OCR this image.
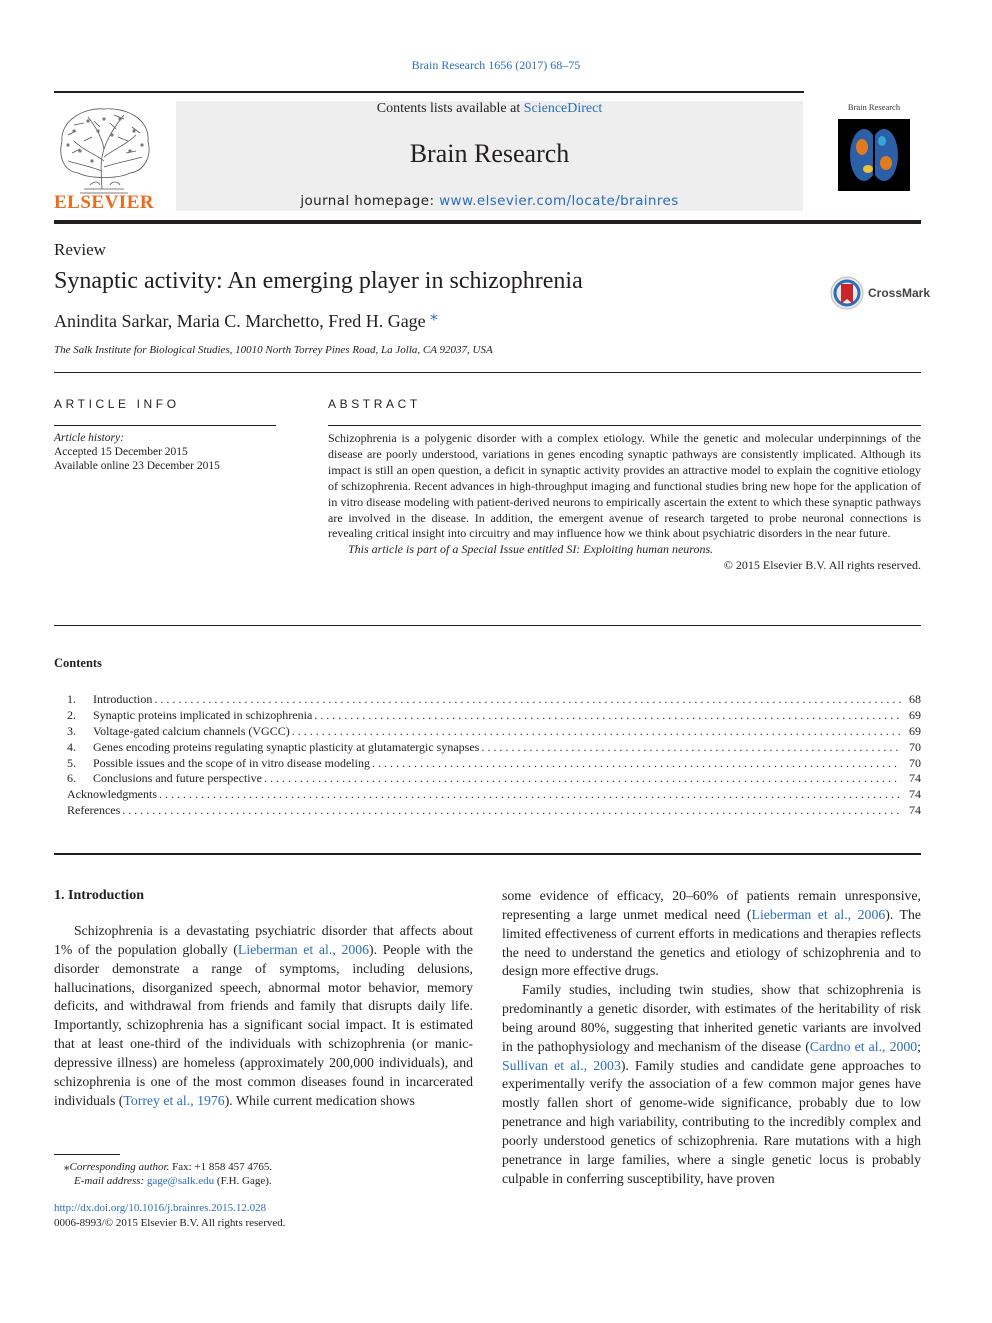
Brain Research 1656 (2017) 68–75
ELSEVIER
Contents lists available at ScienceDirect
Brain Research
journal homepage: www.elsevier.com/locate/brainres
Brain Research
Review
Synaptic activity: An emerging player in schizophrenia	CrossMark
Anindita Sarkar, Maria C. Marchetto, Fred H. Gage ⁎
The Salk Institute for Biological Studies, 10010 North Torrey Pines Road, La Jolla, CA 92037, USA
ARTICLE INFO
Article history:
Accepted 15 December 2015
Available online 23 December 2015
ABSTRACT

Schizophrenia is a polygenic disorder with a complex etiology. While the genetic and molecular underpinnings of the disease are poorly understood, variations in genes encoding synaptic pathways are consistently implicated. Although its impact is still an open question, a deficit in synaptic activity provides an attractive model to explain the cognitive etiology of schizophrenia. Recent advances in high-throughput imaging and functional studies bring new hope for the application of in vitro disease modeling with patient-derived neurons to empirically ascertain the extent to which these synaptic pathways are involved in the disease. In addition, the emergent avenue of research targeted to probe neuronal connections is revealing critical insight into circuitry and may influence how we think about psychiatric disorders in the near future.

This article is part of a Special Issue entitled SI: Exploiting human neurons.

© 2015 Elsevier B.V. All rights reserved.

Contents
1.	Introduction . . .	68
2.	Synaptic proteins implicated in schizophrenia . . .	69
3.	Voltage-gated calcium channels (VGCC) . . .	69
4.	Genes encoding proteins regulating synaptic plasticity at glutamatergic synapses . . .	70
5.	Possible issues and the scope of in vitro disease modeling . . .	70
6.	Conclusions and future perspective . . .	74
Acknowledgments . . .	74
References . . .	74
1. Introduction

Schizophrenia is a devastating psychiatric disorder that affects about 1% of the population globally (Lieberman et al., 2006). People with the disorder demonstrate a range of symptoms, including delusions, hallucinations, disorganized speech, abnormal motor behavior, memory deficits, and withdrawal from friends and family that disrupts daily life. Importantly, schizophrenia has a significant social impact. It is estimated that at least one-third of the individuals with schizophrenia (or manic-depressive illness) are homeless (approximately 200,000 individuals), and schizophrenia is one of the most common diseases found in incarcerated individuals (Torrey et al., 1976). While current medication shows

some evidence of efficacy, 20–60% of patients remain unresponsive, representing a large unmet medical need (Lieberman et al., 2006). The limited effectiveness of current efforts in medications and therapies reflects the need to understand the genetics and etiology of schizophrenia and to design more effective drugs.

Family studies, including twin studies, show that schizophrenia is predominantly a genetic disorder, with estimates of the heritability of risk being around 80%, suggesting that inherited genetic variants are involved in the pathophysiology and mechanism of the disease (Cardno et al., 2000; Sullivan et al., 2003). Family studies and candidate gene approaches to experimentally verify the association of a few common major genes have mostly fallen short of genome-wide significance, probably due to low penetrance and high variability, contributing to the incredibly complex and poorly understood genetics of schizophrenia. Rare mutations with a high penetrance in large families, where a single genetic locus is probably culpable in conferring susceptibility, have proven

⁎Corresponding author. Fax: +1 858 457 4765.
E-mail address: gage@salk.edu (F.H. Gage).
http://dx.doi.org/10.1016/j.brainres.2015.12.028
0006-8993/© 2015 Elsevier B.V. All rights reserved.
